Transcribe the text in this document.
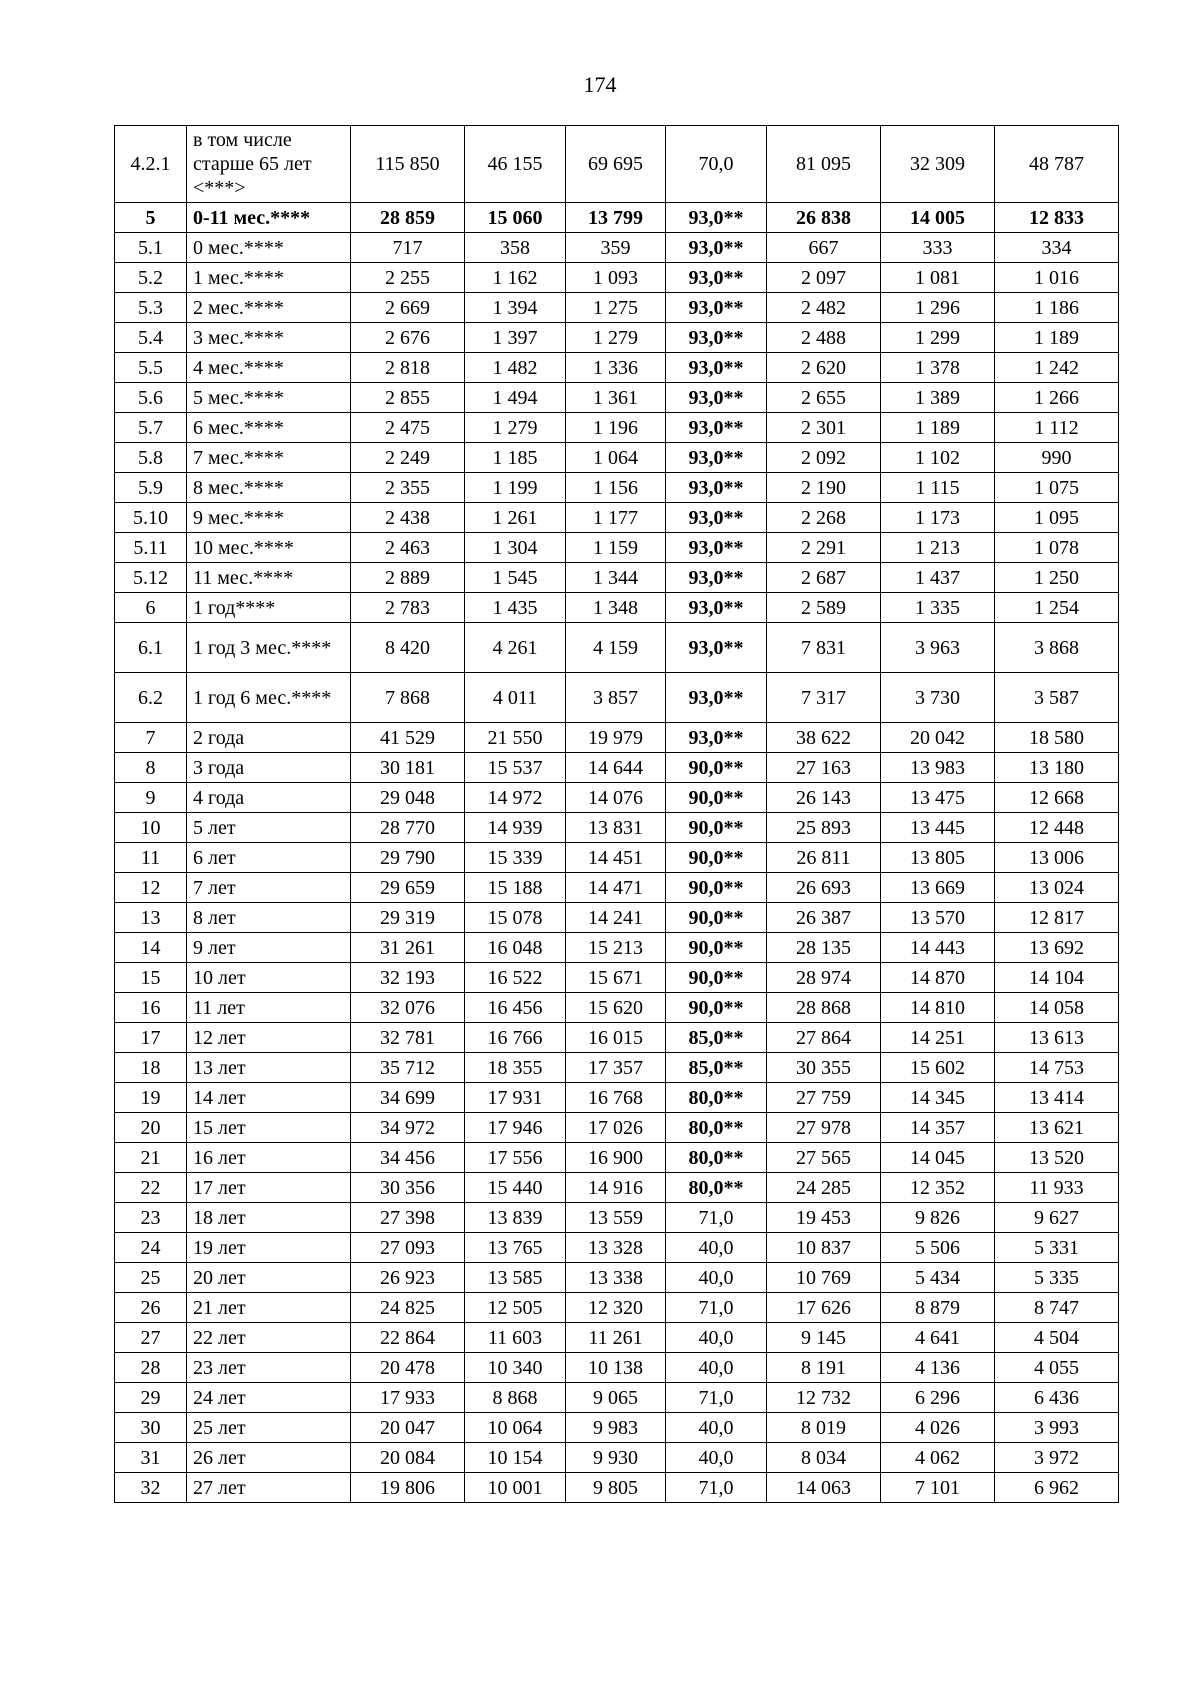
174
4.2.1	в том числе старше 65 лет <***>	115 850	46 155	69 695	70,0	81 095	32 309	48 787
5	0-11 мес.****	28 859	15 060	13 799	93,0**	26 838	14 005	12 833
5.1	0 мес.****	717	358	359	93,0**	667	333	334
5.2	1 мес.****	2 255	1 162	1 093	93,0**	2 097	1 081	1 016
5.3	2 мес.****	2 669	1 394	1 275	93,0**	2 482	1 296	1 186
5.4	3 мес.****	2 676	1 397	1 279	93,0**	2 488	1 299	1 189
5.5	4 мес.****	2 818	1 482	1 336	93,0**	2 620	1 378	1 242
5.6	5 мес.****	2 855	1 494	1 361	93,0**	2 655	1 389	1 266
5.7	6 мес.****	2 475	1 279	1 196	93,0**	2 301	1 189	1 112
5.8	7 мес.****	2 249	1 185	1 064	93,0**	2 092	1 102	990
5.9	8 мес.****	2 355	1 199	1 156	93,0**	2 190	1 115	1 075
5.10	9 мес.****	2 438	1 261	1 177	93,0**	2 268	1 173	1 095
5.11	10 мес.****	2 463	1 304	1 159	93,0**	2 291	1 213	1 078
5.12	11 мес.****	2 889	1 545	1 344	93,0**	2 687	1 437	1 250
6	1 год****	2 783	1 435	1 348	93,0**	2 589	1 335	1 254
6.1	1 год 3 мес.****	8 420	4 261	4 159	93,0**	7 831	3 963	3 868
6.2	1 год 6 мес.****	7 868	4 011	3 857	93,0**	7 317	3 730	3 587
7	2 года	41 529	21 550	19 979	93,0**	38 622	20 042	18 580
8	3 года	30 181	15 537	14 644	90,0**	27 163	13 983	13 180
9	4 года	29 048	14 972	14 076	90,0**	26 143	13 475	12 668
10	5 лет	28 770	14 939	13 831	90,0**	25 893	13 445	12 448
11	6 лет	29 790	15 339	14 451	90,0**	26 811	13 805	13 006
12	7 лет	29 659	15 188	14 471	90,0**	26 693	13 669	13 024
13	8 лет	29 319	15 078	14 241	90,0**	26 387	13 570	12 817
14	9 лет	31 261	16 048	15 213	90,0**	28 135	14 443	13 692
15	10 лет	32 193	16 522	15 671	90,0**	28 974	14 870	14 104
16	11 лет	32 076	16 456	15 620	90,0**	28 868	14 810	14 058
17	12 лет	32 781	16 766	16 015	85,0**	27 864	14 251	13 613
18	13 лет	35 712	18 355	17 357	85,0**	30 355	15 602	14 753
19	14 лет	34 699	17 931	16 768	80,0**	27 759	14 345	13 414
20	15 лет	34 972	17 946	17 026	80,0**	27 978	14 357	13 621
21	16 лет	34 456	17 556	16 900	80,0**	27 565	14 045	13 520
22	17 лет	30 356	15 440	14 916	80,0**	24 285	12 352	11 933
23	18 лет	27 398	13 839	13 559	71,0	19 453	9 826	9 627
24	19 лет	27 093	13 765	13 328	40,0	10 837	5 506	5 331
25	20 лет	26 923	13 585	13 338	40,0	10 769	5 434	5 335
26	21 лет	24 825	12 505	12 320	71,0	17 626	8 879	8 747
27	22 лет	22 864	11 603	11 261	40,0	9 145	4 641	4 504
28	23 лет	20 478	10 340	10 138	40,0	8 191	4 136	4 055
29	24 лет	17 933	8 868	9 065	71,0	12 732	6 296	6 436
30	25 лет	20 047	10 064	9 983	40,0	8 019	4 026	3 993
31	26 лет	20 084	10 154	9 930	40,0	8 034	4 062	3 972
32	27 лет	19 806	10 001	9 805	71,0	14 063	7 101	6 962
